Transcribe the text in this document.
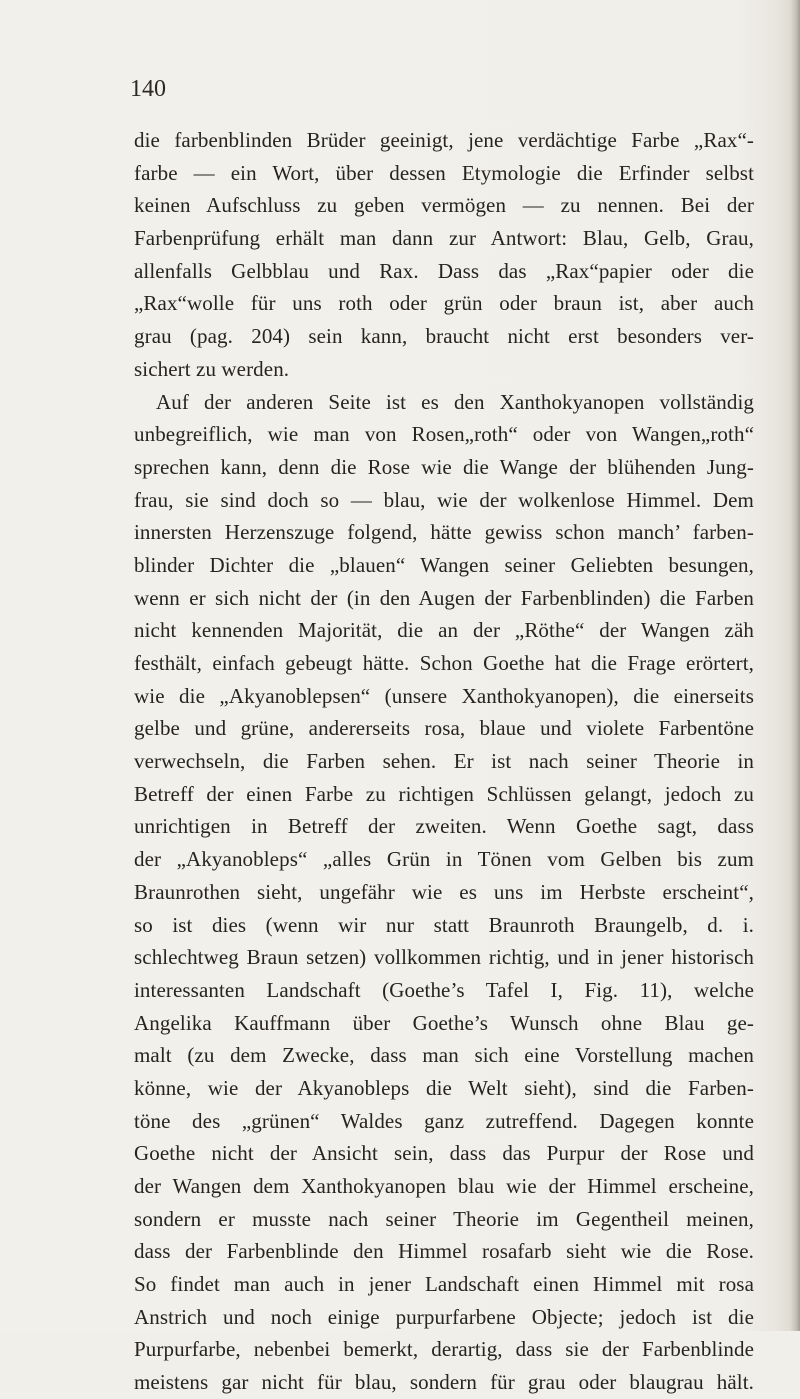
140
die farbenblinden Brüder geeinigt, jene verdächtige Farbe „Rax“-
farbe — ein Wort, über dessen Etymologie die Erfinder selbst
keinen Aufschluss zu geben vermögen — zu nennen. Bei der
Farbenprüfung erhält man dann zur Antwort: Blau, Gelb, Grau,
allenfalls Gelbblau und Rax. Dass das „Rax“papier oder die
„Rax“wolle für uns roth oder grün oder braun ist, aber auch
grau (pag. 204) sein kann, braucht nicht erst besonders ver-
sichert zu werden.
Auf der anderen Seite ist es den Xanthokyanopen vollständig
unbegreiflich, wie man von Rosen„roth“ oder von Wangen„roth“
sprechen kann, denn die Rose wie die Wange der blühenden Jung-
frau, sie sind doch so — blau, wie der wolkenlose Himmel. Dem
innersten Herzenszuge folgend, hätte gewiss schon manch’ farben-
blinder Dichter die „blauen“ Wangen seiner Geliebten besungen,
wenn er sich nicht der (in den Augen der Farbenblinden) die Farben
nicht kennenden Majorität, die an der „Röthe“ der Wangen zäh
festhält, einfach gebeugt hätte. Schon Goethe hat die Frage erörtert,
wie die „Akyanoblepsen“ (unsere Xanthokyanopen), die einerseits
gelbe und grüne, andererseits rosa, blaue und violete Farbentöne
verwechseln, die Farben sehen. Er ist nach seiner Theorie in
Betreff der einen Farbe zu richtigen Schlüssen gelangt, jedoch zu
unrichtigen in Betreff der zweiten. Wenn Goethe sagt, dass
der „Akyanobleps“ „alles Grün in Tönen vom Gelben bis zum
Braunrothen sieht, ungefähr wie es uns im Herbste erscheint“,
so ist dies (wenn wir nur statt Braunroth Braungelb, d. i.
schlechtweg Braun setzen) vollkommen richtig, und in jener historisch
interessanten Landschaft (Goethe’s Tafel I, Fig. 11), welche
Angelika Kauffmann über Goethe’s Wunsch ohne Blau ge-
malt (zu dem Zwecke, dass man sich eine Vorstellung machen
könne, wie der Akyanobleps die Welt sieht), sind die Farben-
töne des „grünen“ Waldes ganz zutreffend. Dagegen konnte
Goethe nicht der Ansicht sein, dass das Purpur der Rose und
der Wangen dem Xanthokyanopen blau wie der Himmel erscheine,
sondern er musste nach seiner Theorie im Gegentheil meinen,
dass der Farbenblinde den Himmel rosafarb sieht wie die Rose.
So findet man auch in jener Landschaft einen Himmel mit rosa
Anstrich und noch einige purpurfarbene Objecte; jedoch ist die
Purpurfarbe, nebenbei bemerkt, derartig, dass sie der Farbenblinde
meistens gar nicht für blau, sondern für grau oder blaugrau hält.
